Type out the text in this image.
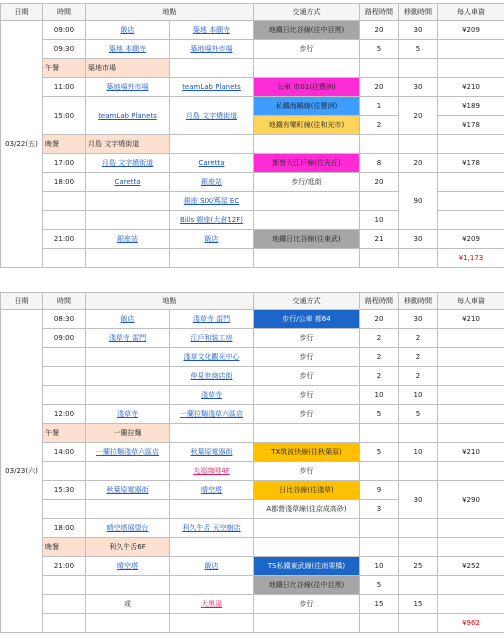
日期	時間	地點		交通方式	路程時間	移動時間	每人車資
03/22(五)	09:00	飯店	築地 本願寺	地鐵日比谷線(往中目黑)	20	30	¥209
	09:30	築地 本願寺	築地場外市場	步行	5	5	
	午餐	築地市場					
	11:00	築地場外市場	teamLab Planets	公車 市01(往豐洲)	20	30	¥210
	15:00	teamLab Planets	月島 文字燒街道	私鐵海鷗線(往豐洲)	1	20	¥189
				地鐵有樂町線(往和光市)	2		¥178
	晚餐	月島 文字燒街道					
	17:00	月島 文字燒街道	Caretta	都營大江戶線(往光丘)	8	20	¥178
	18:00	Caretta	銀座站	步行/逛街	20	90	
			銀座 SIX/蔦屋 EC				
			Bills 銀座(大倉12F)		10		
	21:00	銀座站	飯店	地鐵日比谷線(往東武)	21	30	¥209
							¥1,173
日期	時間	地點		交通方式	路程時間	移動時間	每人車資
03/23(六)	08:30	飯店	淺草寺 雷門	步行/公車 都64	20	30	¥210
	09:00	淺草寺 雷門	江戶和装工房	步行	2	2	
			淺草文化觀光中心	步行	2	2	
			仲見世商店街	步行	2	2	
			淺草寺	步行	10	10	
	12:00	淺草寺	一蘭拉麵淺草六區店	步行	5	5	
	午餐	一蘭拉麵					
	14:00	一蘭拉麵淺草六區店	秋葉原電器街	TX筑波快線(往秋葉原)	5	10	¥210
			丸福咖啡4F	步行			
	15:30	秋葉原電器街	晴空塔	日比谷線(往淺草)	9	30	¥290
				A都營淺草線(往京成高砂)	3		
	18:00	晴空塔展望台	利久牛舌 天空樹店				
	晚餐	利久牛舌6F					
	21:00	晴空塔	飯店	TS私鐵東武線(往南栗橋)	10	25	¥252
				地鐵日比谷線(往中目黑)	5		
		或	大黑湯	步行	15	15	
							¥962
